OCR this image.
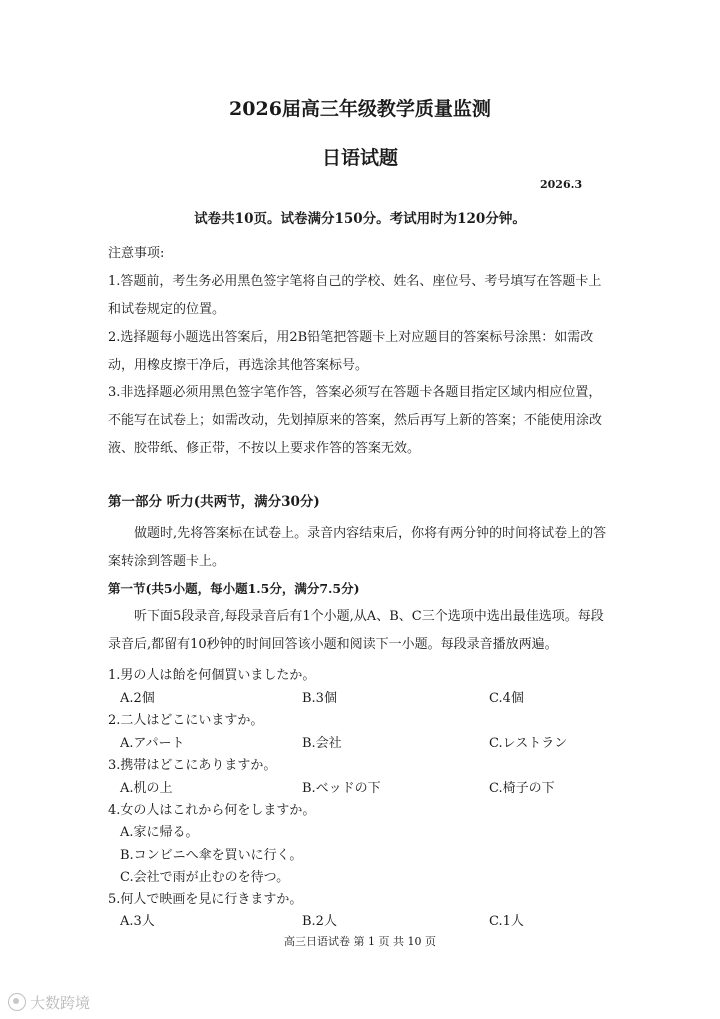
2026届高三年级教学质量监测
日语试题
2026.3
试卷共10页。试卷满分150分。考试用时为120分钟。
注意事项:
1.答题前，考生务必用黑色签字笔将自己的学校、姓名、座位号、考号填写在答题卡上和试卷规定的位置。
2.选择题每小题选出答案后，用2B铅笔把答题卡上对应题目的答案标号涂黑：如需改动，用橡皮擦干净后，再选涂其他答案标号。
3.非选择题必须用黑色签字笔作答，答案必须写在答题卡各题目指定区域内相应位置，不能写在试卷上；如需改动，先划掉原来的答案，然后再写上新的答案；不能使用涂改液、胶带纸、修正带，不按以上要求作答的答案无效。
第一部分 听力(共两节，满分30分)
做题时,先将答案标在试卷上。录音内容结束后，你将有两分钟的时间将试卷上的答案转涂到答题卡上。
第一节(共5小题，每小题1.5分，满分7.5分)
听下面5段录音,每段录音后有1个小题,从A、B、C三个选项中选出最佳选项。每段录音后,都留有10秒钟的时间回答该小题和阅读下一小题。每段录音播放两遍。
1.男の人は飴を何個買いましたか。
A.2個	B.3個	C.4個
2.二人はどこにいますか。
A.アパート	B.会社	C.レストラン
3.携帯はどこにありますか。
A.机の上	B.ベッドの下	C.椅子の下
4.女の人はこれから何をしますか。
A.家に帰る。
B.コンビニへ傘を買いに行く。
C.会社で雨が止むのを待つ。
5.何人で映画を見に行きますか。
A.3人	B.2人	C.1人
高三日语试卷 第 1 页 共 10 页
大数跨境
